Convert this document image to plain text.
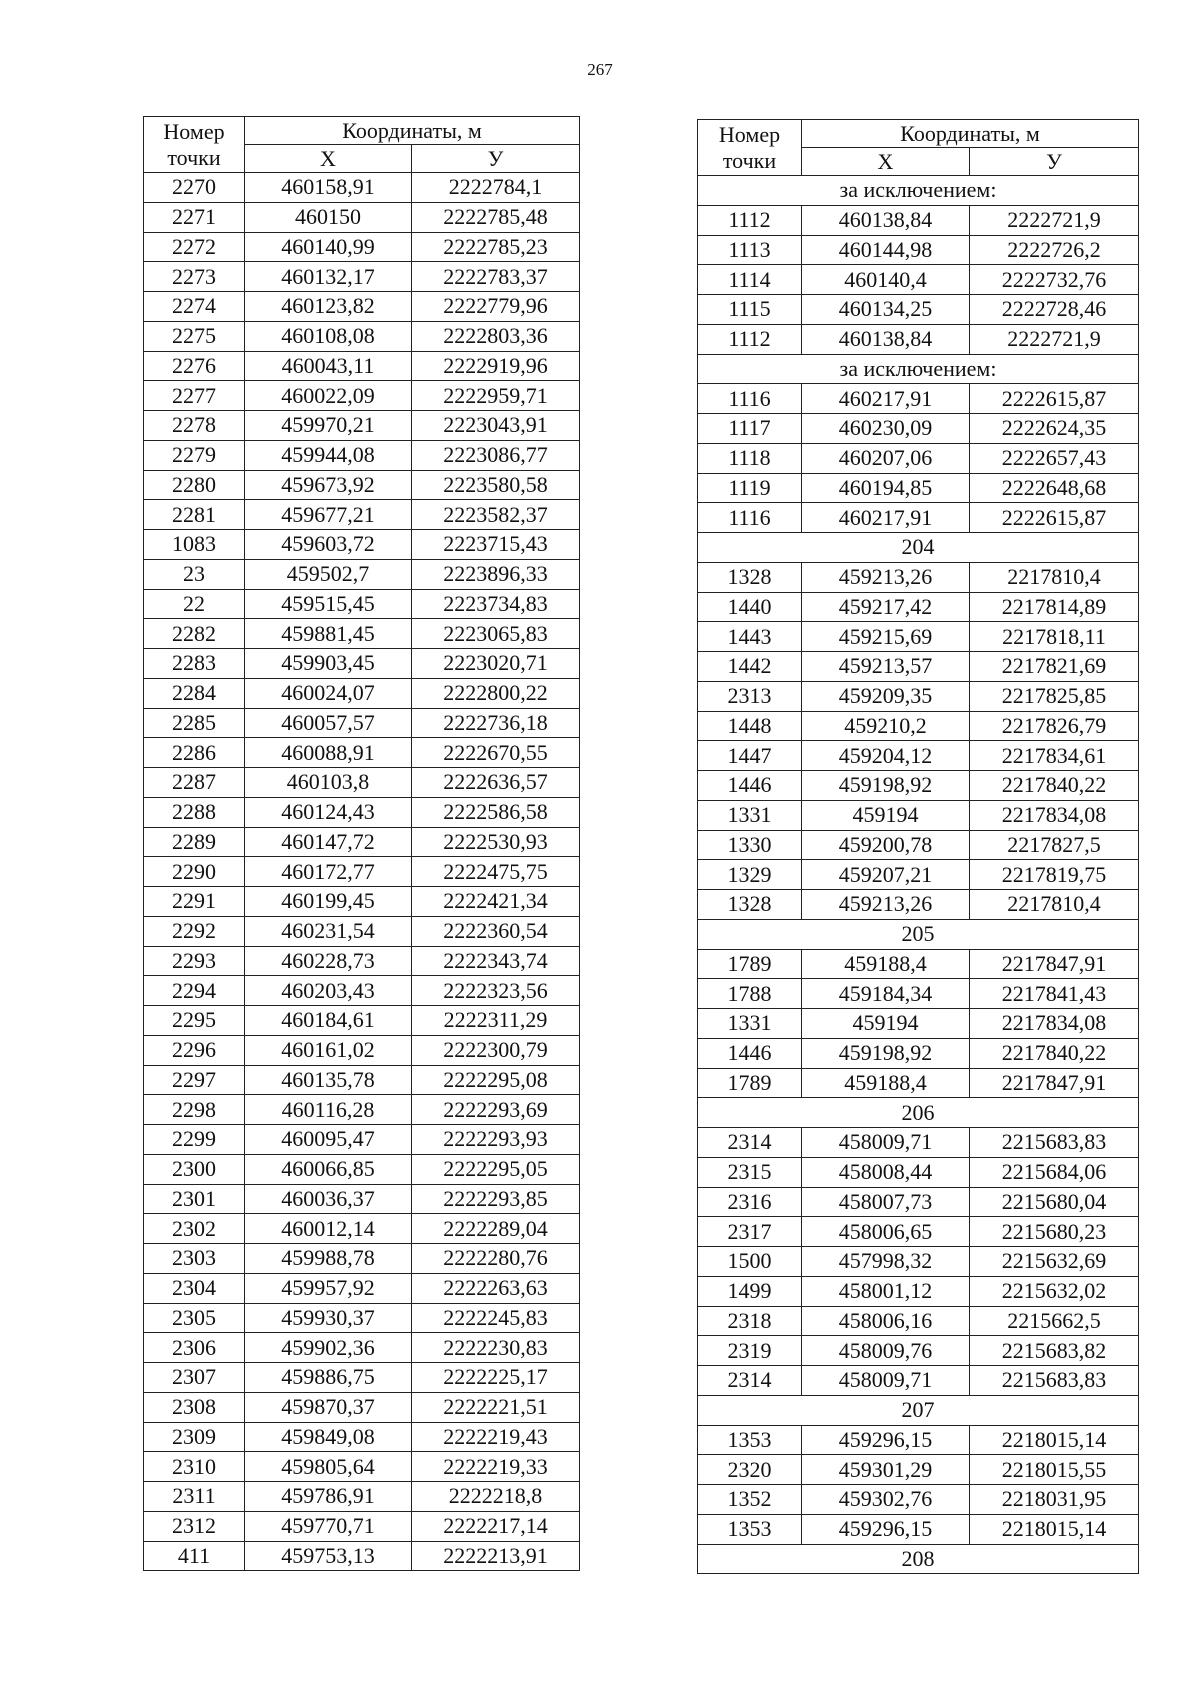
267
Номер точки	Координаты, м	
	X	У
2270	460158,91	2222784,1
2271	460150	2222785,48
2272	460140,99	2222785,23
2273	460132,17	2222783,37
2274	460123,82	2222779,96
2275	460108,08	2222803,36
2276	460043,11	2222919,96
2277	460022,09	2222959,71
2278	459970,21	2223043,91
2279	459944,08	2223086,77
2280	459673,92	2223580,58
2281	459677,21	2223582,37
1083	459603,72	2223715,43
23	459502,7	2223896,33
22	459515,45	2223734,83
2282	459881,45	2223065,83
2283	459903,45	2223020,71
2284	460024,07	2222800,22
2285	460057,57	2222736,18
2286	460088,91	2222670,55
2287	460103,8	2222636,57
2288	460124,43	2222586,58
2289	460147,72	2222530,93
2290	460172,77	2222475,75
2291	460199,45	2222421,34
2292	460231,54	2222360,54
2293	460228,73	2222343,74
2294	460203,43	2222323,56
2295	460184,61	2222311,29
2296	460161,02	2222300,79
2297	460135,78	2222295,08
2298	460116,28	2222293,69
2299	460095,47	2222293,93
2300	460066,85	2222295,05
2301	460036,37	2222293,85
2302	460012,14	2222289,04
2303	459988,78	2222280,76
2304	459957,92	2222263,63
2305	459930,37	2222245,83
2306	459902,36	2222230,83
2307	459886,75	2222225,17
2308	459870,37	2222221,51
2309	459849,08	2222219,43
2310	459805,64	2222219,33
2311	459786,91	2222218,8
2312	459770,71	2222217,14
411	459753,13	2222213,91
Номер точки	Координаты, м	
	X	У
за исключением:		
1112	460138,84	2222721,9
1113	460144,98	2222726,2
1114	460140,4	2222732,76
1115	460134,25	2222728,46
1112	460138,84	2222721,9
за исключением:		
1116	460217,91	2222615,87
1117	460230,09	2222624,35
1118	460207,06	2222657,43
1119	460194,85	2222648,68
1116	460217,91	2222615,87
204		
1328	459213,26	2217810,4
1440	459217,42	2217814,89
1443	459215,69	2217818,11
1442	459213,57	2217821,69
2313	459209,35	2217825,85
1448	459210,2	2217826,79
1447	459204,12	2217834,61
1446	459198,92	2217840,22
1331	459194	2217834,08
1330	459200,78	2217827,5
1329	459207,21	2217819,75
1328	459213,26	2217810,4
205		
1789	459188,4	2217847,91
1788	459184,34	2217841,43
1331	459194	2217834,08
1446	459198,92	2217840,22
1789	459188,4	2217847,91
206		
2314	458009,71	2215683,83
2315	458008,44	2215684,06
2316	458007,73	2215680,04
2317	458006,65	2215680,23
1500	457998,32	2215632,69
1499	458001,12	2215632,02
2318	458006,16	2215662,5
2319	458009,76	2215683,82
2314	458009,71	2215683,83
207		
1353	459296,15	2218015,14
2320	459301,29	2218015,55
1352	459302,76	2218031,95
1353	459296,15	2218015,14
208		
